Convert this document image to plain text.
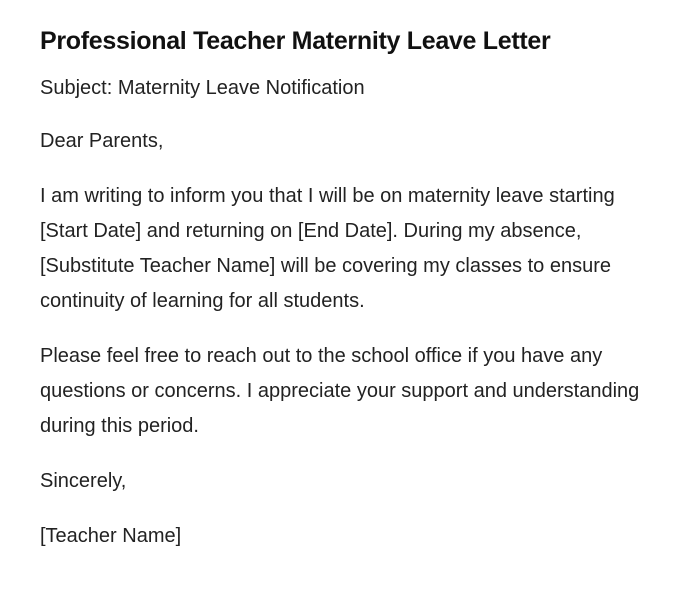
Professional Teacher Maternity Leave Letter

Subject: Maternity Leave Notification

Dear Parents,

I am writing to inform you that I will be on maternity leave starting [Start Date] and returning on [End Date]. During my absence, [Substitute Teacher Name] will be covering my classes to ensure continuity of learning for all students.

Please feel free to reach out to the school office if you have any questions or concerns. I appreciate your support and understanding during this period.

Sincerely,

[Teacher Name]
